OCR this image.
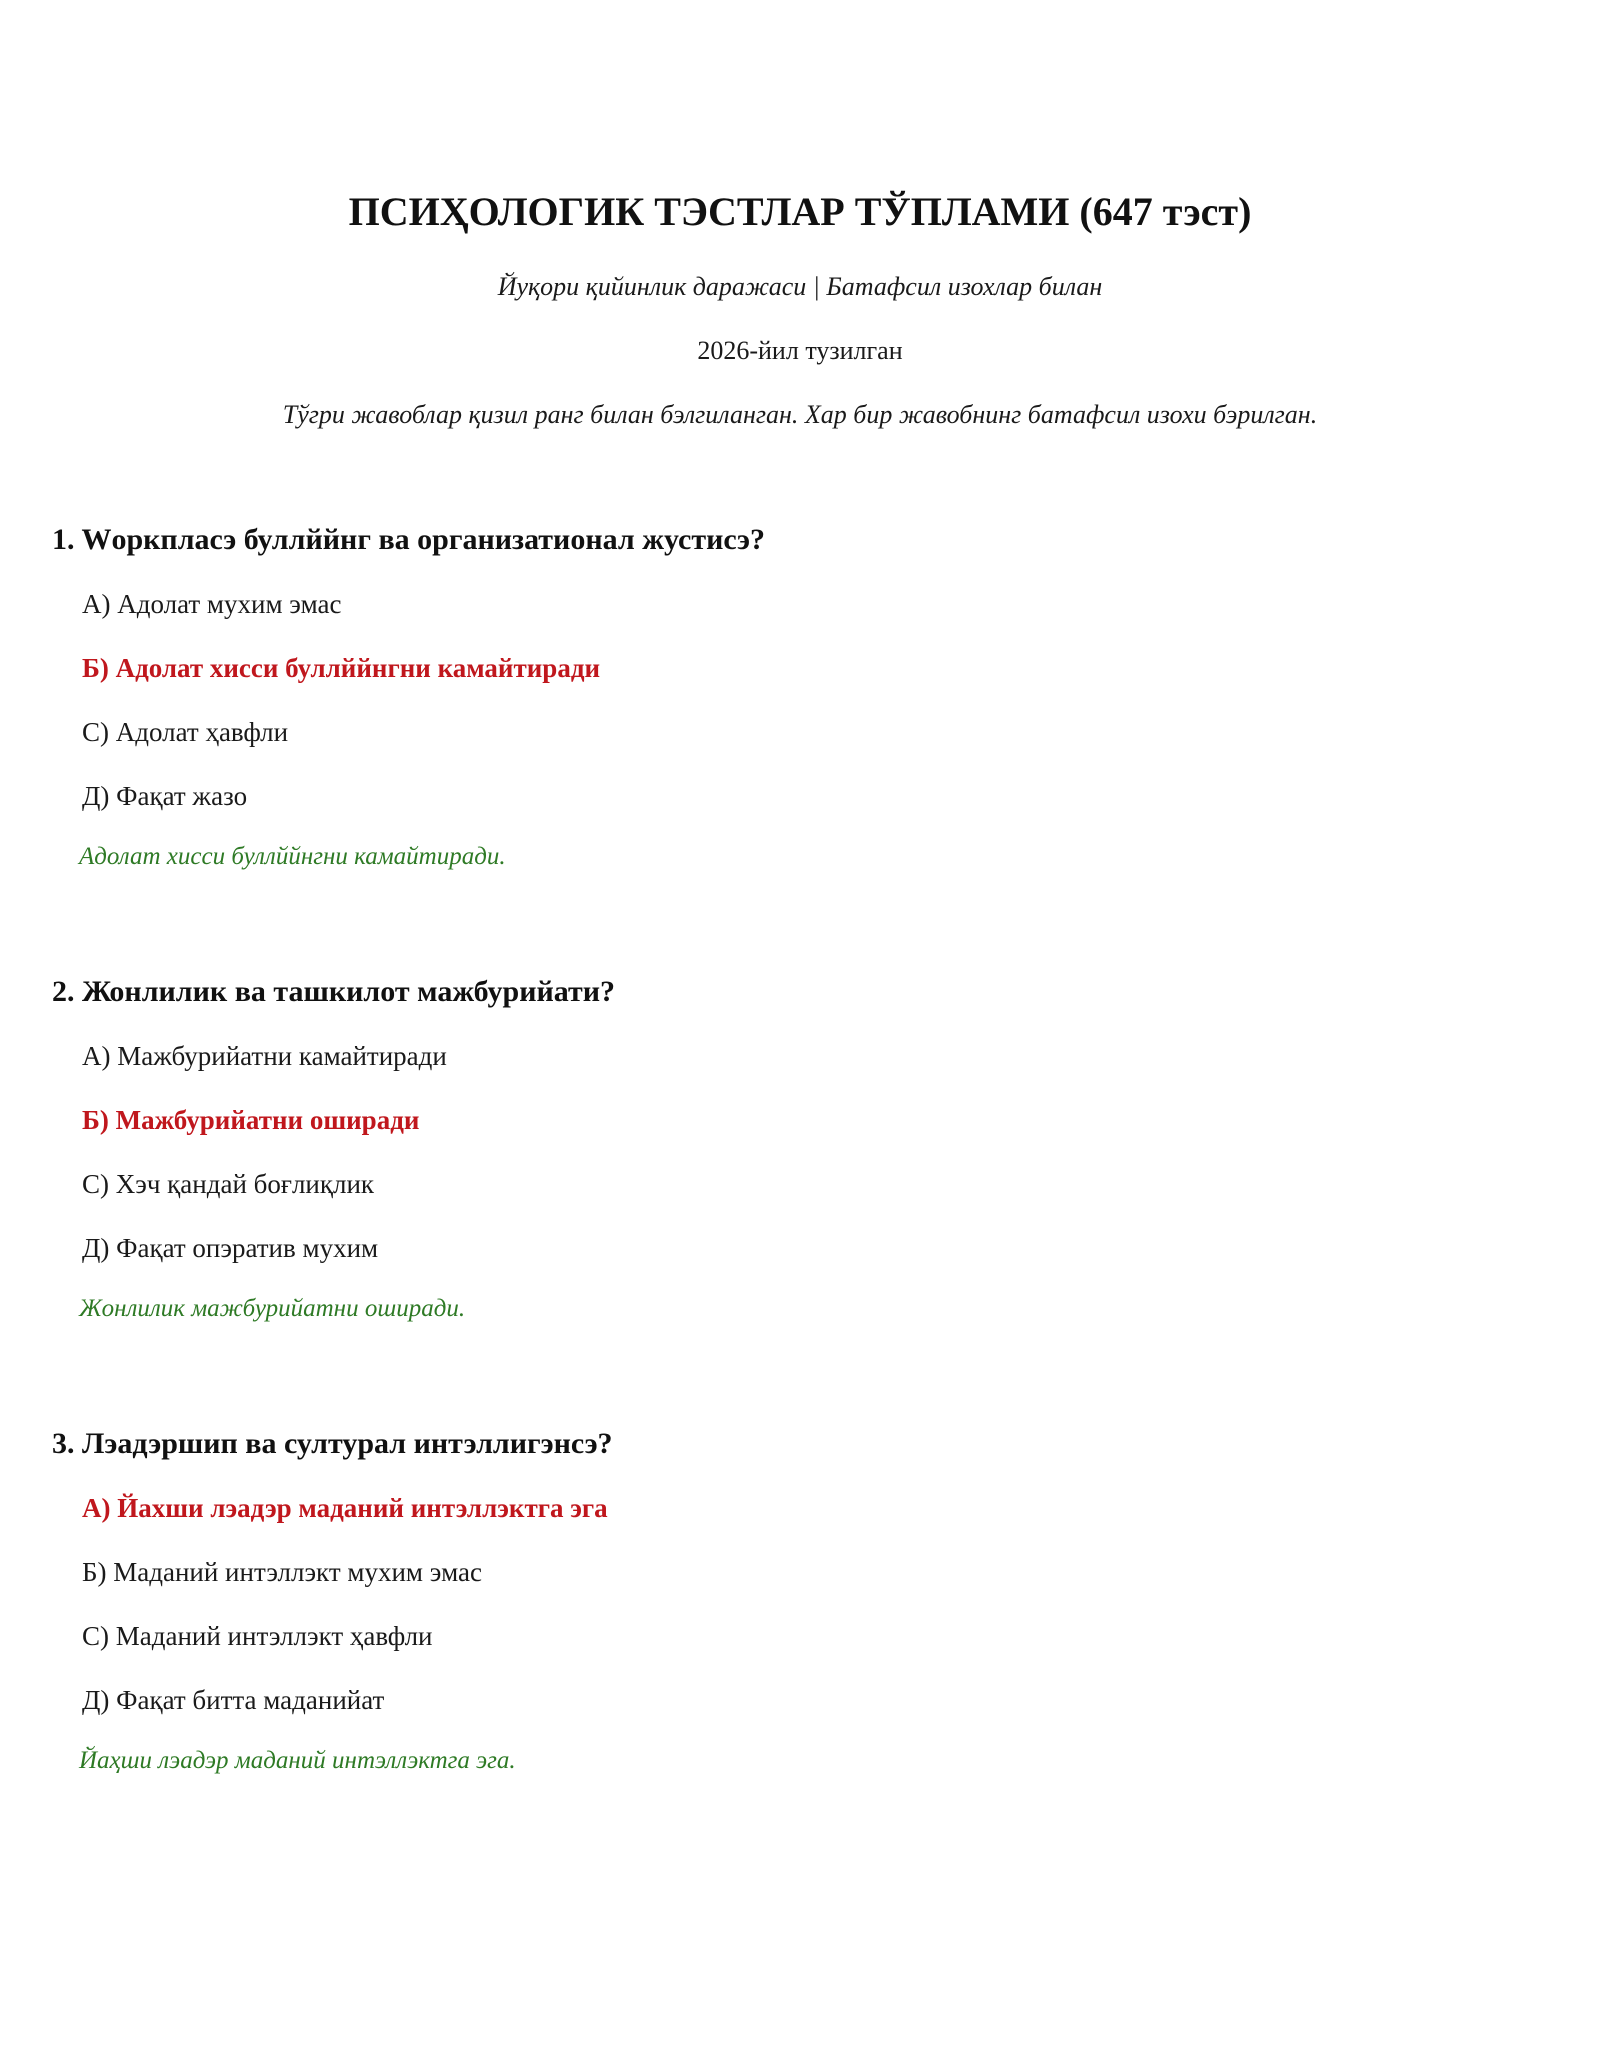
ПСИҲОЛОГИК ТЭСТЛАР ТЎПЛАМИ (647 тэст)
Йуқори қийинлик даражаси | Батафсил изохлар билан
2026-йил тузилган
Тўгри жавоблар қизил ранг билан бэлгиланган. Хар бир жавобнинг батафсил изохи бэрилган.

1. Wоркпласэ буллййнг ва организатионал жустисэ?

А) Адолат мухим эмас
Б) Адолат хисси буллййнгни камайтиради
С) Адолат ҳавфли
Д) Фақат жазо
Адолат хисси буллййнгни камайтиради.

2. Жонлилик ва ташкилот мажбурийати?

А) Мажбурийатни камайтиради
Б) Мажбурийатни оширади
С) Хэч қандай боғлиқлик
Д) Фақат опэратив мухим
Жонлилик мажбурийатни оширади.

3. Лэадэршип ва султурал интэллигэнсэ?

А) Йахши лэадэр маданий интэллэктга эга
Б) Маданий интэллэкт мухим эмас
С) Маданий интэллэкт ҳавфли
Д) Фақат битта маданийат
Йаҳши лэадэр маданий интэллэктга эга.
